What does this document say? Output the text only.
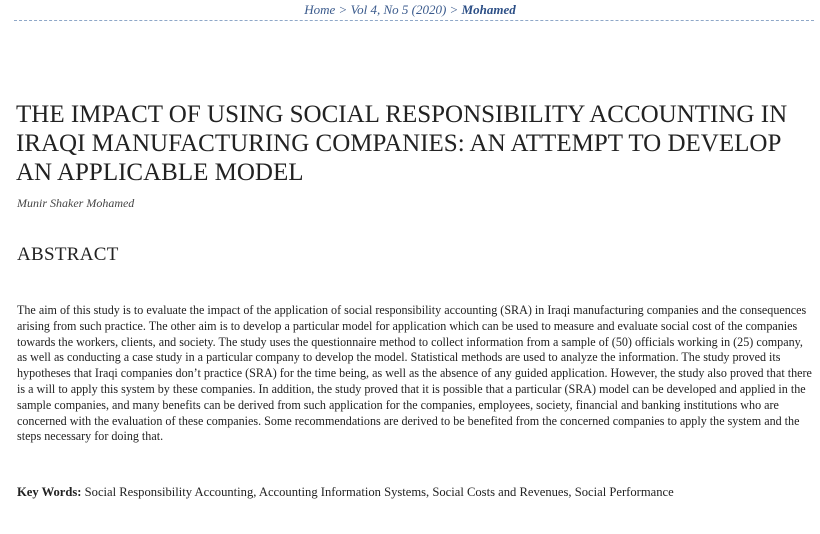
Home > Vol 4, No 5 (2020) > Mohamed
THE IMPACT OF USING SOCIAL RESPONSIBILITY ACCOUNTING IN IRAQI MANUFACTURING COMPANIES: AN ATTEMPT TO DEVELOP AN APPLICABLE MODEL
Munir Shaker Mohamed
ABSTRACT

The aim of this study is to evaluate the impact of the application of social responsibility accounting (SRA) in Iraqi manufacturing companies and the consequences arising from such practice. The other aim is to develop a particular model for application which can be used to measure and evaluate social cost of the companies towards the workers, clients, and society. The study uses the questionnaire method to collect information from a sample of (50) officials working in (25) company, as well as conducting a case study in a particular company to develop the model. Statistical methods are used to analyze the information. The study proved its hypotheses that Iraqi companies don’t practice (SRA) for the time being, as well as the absence of any guided application. However, the study also proved that there is a will to apply this system by these companies. In addition, the study proved that it is possible that a particular (SRA) model can be developed and applied in the sample companies, and many benefits can be derived from such application for the companies, employees, society, financial and banking institutions who are concerned with the evaluation of these companies. Some recommendations are derived to be benefited from the concerned companies to apply the system and the steps necessary for doing that.

Key Words: Social Responsibility Accounting, Accounting Information Systems, Social Costs and Revenues, Social Performance
